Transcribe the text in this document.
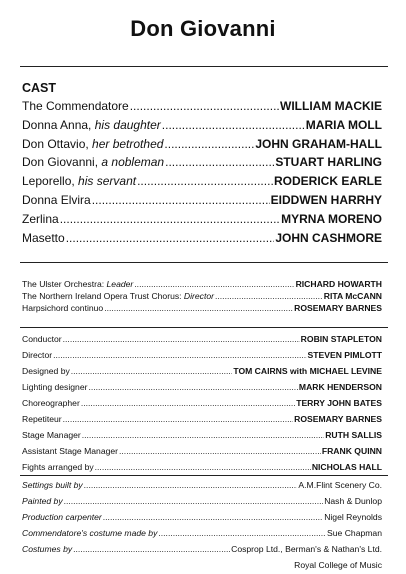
Don Giovanni
CAST
The Commendatore .....	WILLIAM MACKIE
Donna Anna, his daughter .....	MARIA MOLL
Don Ottavio, her betrothed .....	JOHN GRAHAM-HALL
Don Giovanni, a nobleman .....	STUART HARLING
Leporello, his servant .....	RODERICK EARLE
Donna Elvira .....	EIDDWEN HARRHY
Zerlina .....	MYRNA MORENO
Masetto .....	JOHN CASHMORE
The Ulster Orchestra: Leader .....	RICHARD HOWARTH
The Northern Ireland Opera Trust Chorus: Director .....	RITA McCANN
Harpsichord continuo .....	ROSEMARY BARNES
Conductor .....	ROBIN STAPLETON
Director .....	STEVEN PIMLOTT
Designed by .....	TOM CAIRNS with MICHAEL LEVINE
Lighting designer .....	MARK HENDERSON
Choreographer .....	TERRY JOHN BATES
Repetiteur .....	ROSEMARY BARNES
Stage Manager .....	RUTH SALLIS
Assistant Stage Manager .....	FRANK QUINN
Fights arranged by .....	NICHOLAS HALL
Settings built by .....	A.M.Flint Scenery Co.
Painted by .....	Nash & Dunlop
Production carpenter .....	Nigel Reynolds
Commendatore's costume made by .....	Sue Chapman
Costumes by .....	Cosprop Ltd., Berman's & Nathan's Ltd.
Royal College of Music
